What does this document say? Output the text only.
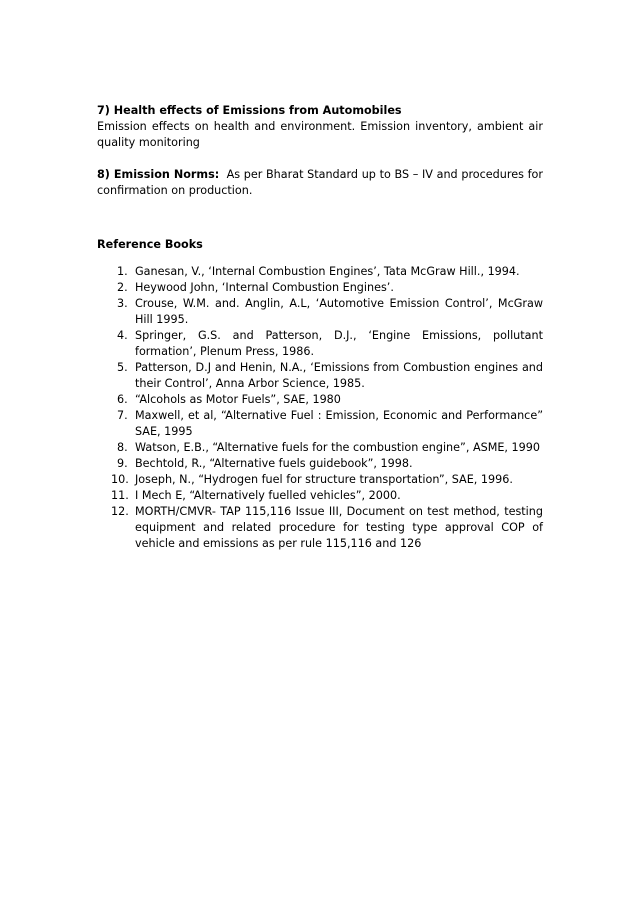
7) Health effects of Emissions from Automobiles

Emission effects on health and environment. Emission inventory, ambient air quality monitoring

8) Emission Norms: As per Bharat Standard up to BS – IV and procedures for confirmation on production.

Reference Books

1. Ganesan, V., ‘Internal Combustion Engines’, Tata McGraw Hill., 1994.
2. Heywood John, ‘Internal Combustion Engines’.
3. Crouse, W.M. and. Anglin, A.L, ‘Automotive Emission Control’, McGraw Hill 1995.
4. Springer, G.S. and Patterson, D.J., ‘Engine Emissions, pollutant formation’, Plenum Press, 1986.
5. Patterson, D.J and Henin, N.A., ‘Emissions from Combustion engines and their Control’, Anna Arbor Science, 1985.
6. “Alcohols as Motor Fuels”, SAE, 1980
7. Maxwell, et al, “Alternative Fuel : Emission, Economic and Performance” SAE, 1995
8. Watson, E.B., “Alternative fuels for the combustion engine”, ASME, 1990
9. Bechtold, R., “Alternative fuels guidebook”, 1998.
10. Joseph, N., “Hydrogen fuel for structure transportation”, SAE, 1996.
11. I Mech E, “Alternatively fuelled vehicles”, 2000.
12. MORTH/CMVR- TAP 115,116 Issue III, Document on test method, testing equipment and related procedure for testing type approval COP of vehicle and emissions as per rule 115,116 and 126
